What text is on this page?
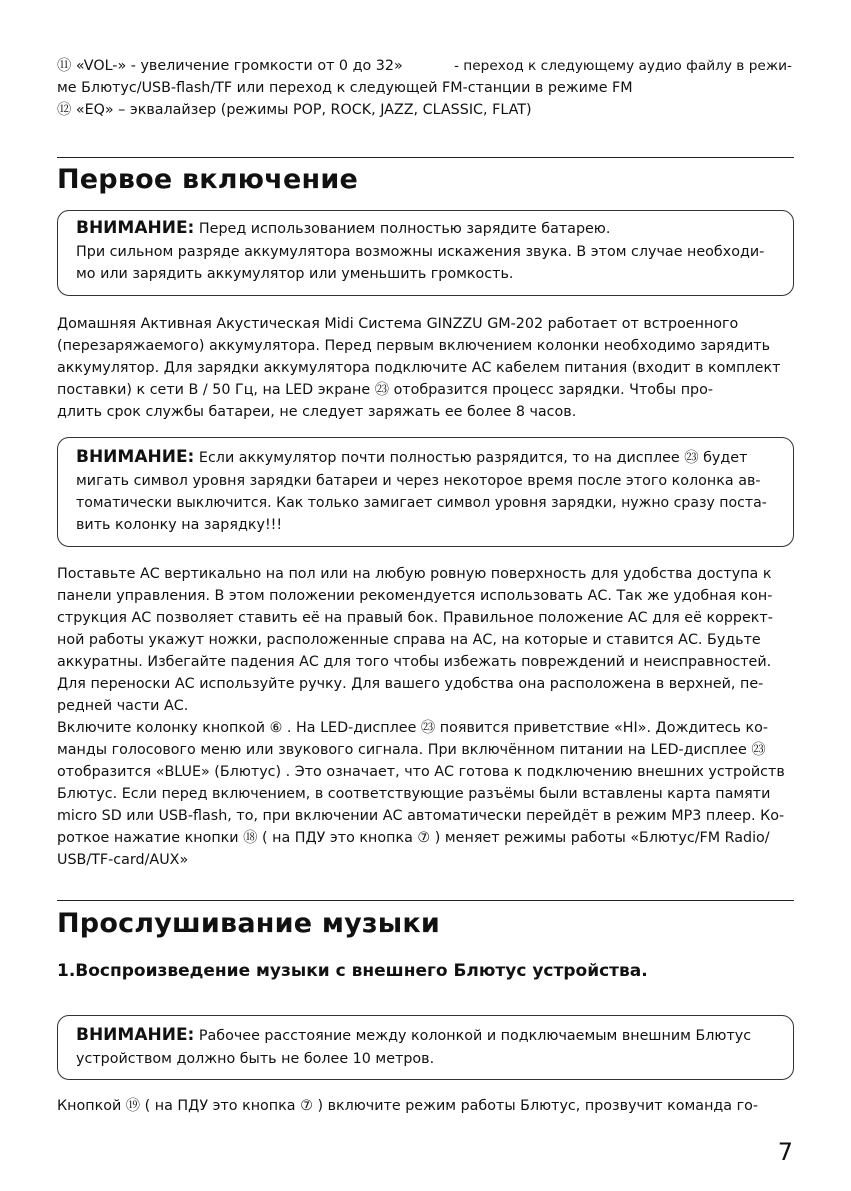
⑪ «VOL-» - увеличение громкости от 0 до 32»	- переход к следующему аудио файлу в режи-
ме Блютус/USB-flash/TF или переход к следующей FM-станции в режиме FM
⑫ «EQ» – эквалайзер (режимы POP, ROCK, JAZZ, CLASSIC, FLAT)
Первое включение
ВНИМАНИЕ: Перед использованием полностью зарядите батарею.
При сильном разряде аккумулятора возможны искажения звука. В этом случае необходи-
мо или зарядить аккумулятор или уменьшить громкость.
Домашняя Активная Акустическая Midi Система GINZZU GM-202 работает от встроенного
(перезаряжаемого) аккумулятора. Перед первым включением колонки необходимо зарядить
аккумулятор. Для зарядки аккумулятора подключите АС кабелем питания (входит в комплект
поставки) к сети В / 50 Гц, на LED экране ㉓ отобразится процесс зарядки. Чтобы про-
длить срок службы батареи, не следует заряжать ее более 8 часов.
ВНИМАНИЕ: Если аккумулятор почти полностью разрядится, то на дисплее ㉓ будет
мигать символ уровня зарядки батареи и через некоторое время после этого колонка ав-
томатически выключится. Как только замигает символ уровня зарядки, нужно сразу поста-
вить колонку на зарядку!!!
Поставьте АС вертикально на пол или на любую ровную поверхность для удобства доступа к
панели управления. В этом положении рекомендуется использовать АС. Так же удобная кон-
струкция АС позволяет ставить её на правый бок. Правильное положение АС для её коррект-
ной работы укажут ножки, расположенные справа на АС, на которые и ставится АС. Будьте
аккуратны. Избегайте падения АС для того чтобы избежать повреждений и неисправностей.
Для переноски АС используйте ручку. Для вашего удобства она расположена в верхней, пе-
редней части АС.
Включите колонку кнопкой ⑥ . На LED-дисплее ㉓ появится приветствие «HI». Дождитесь ко-
манды голосового меню или звукового сигнала. При включённом питании на LED-дисплее ㉓
отобразится «BLUE» (Блютус) . Это означает, что АС готова к подключению внешних устройств
Блютус. Если перед включением, в соответствующие разъёмы были вставлены карта памяти
micro SD или USB-flash, то, при включении АС автоматически перейдёт в режим MP3 плеер. Ко-
роткое нажатие кнопки ⑱ ( на ПДУ это кнопка ⑦ ) меняет режимы работы «Блютус/FM Radio/
USB/TF-card/AUX»
Прослушивание музыки
1.Воспроизведение музыки с внешнего Блютус устройства.
ВНИМАНИЕ: Рабочее расстояние между колонкой и подключаемым внешним Блютус
устройством должно быть не более 10 метров.
Кнопкой ⑲ ( на ПДУ это кнопка ⑦ ) включите режим работы Блютус, прозвучит команда го-
7
